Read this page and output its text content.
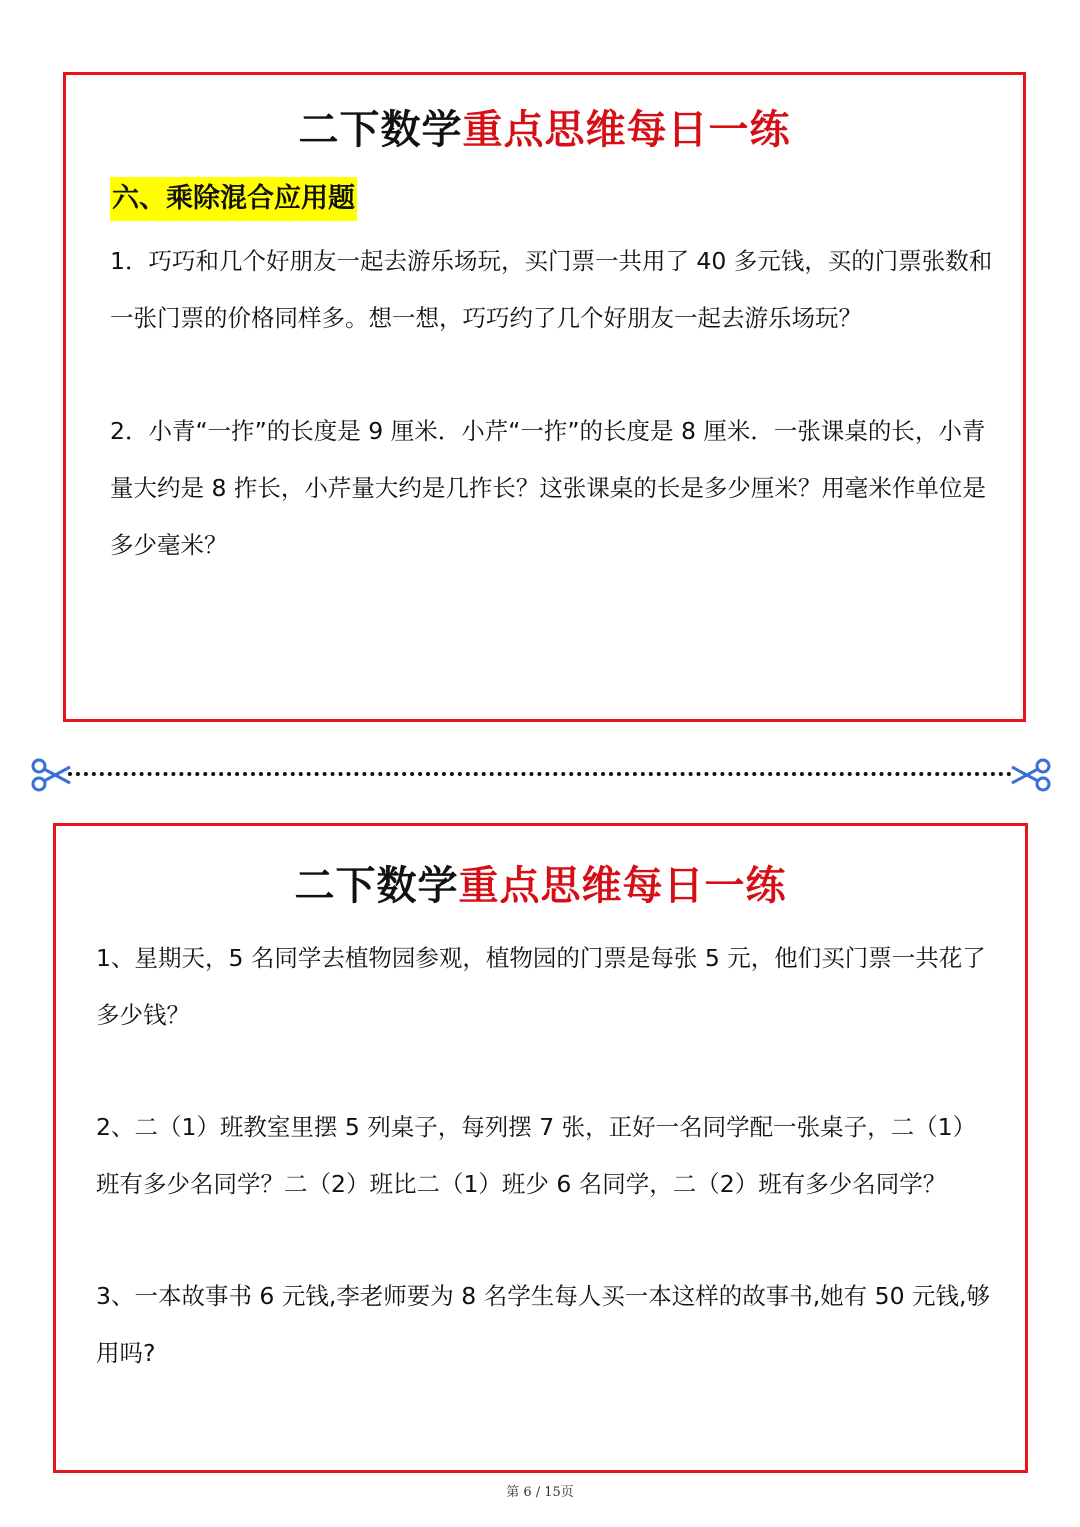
二下数学重点思维每日一练
六、乘除混合应用题

1．巧巧和几个好朋友一起去游乐场玩，买门票一共用了 40 多元钱，买的门票张数和一张门票的价格同样多。想一想，巧巧约了几个好朋友一起去游乐场玩？

2．小青“一拃”的长度是 9 厘米．小芹“一拃”的长度是 8 厘米．一张课桌的长，小青量大约是 8 拃长，小芹量大约是几拃长？这张课桌的长是多少厘米？用毫米作单位是多少毫米？

二下数学重点思维每日一练

1、星期天，5 名同学去植物园参观，植物园的门票是每张 5 元，他们买门票一共花了多少钱？

2、二（1）班教室里摆 5 列桌子，每列摆 7 张，正好一名同学配一张桌子，二（1）班有多少名同学？二（2）班比二（1）班少 6 名同学，二（2）班有多少名同学？

3、一本故事书 6 元钱,李老师要为 8 名学生每人买一本这样的故事书,她有 50 元钱,够用吗?

第 6 / 15页
